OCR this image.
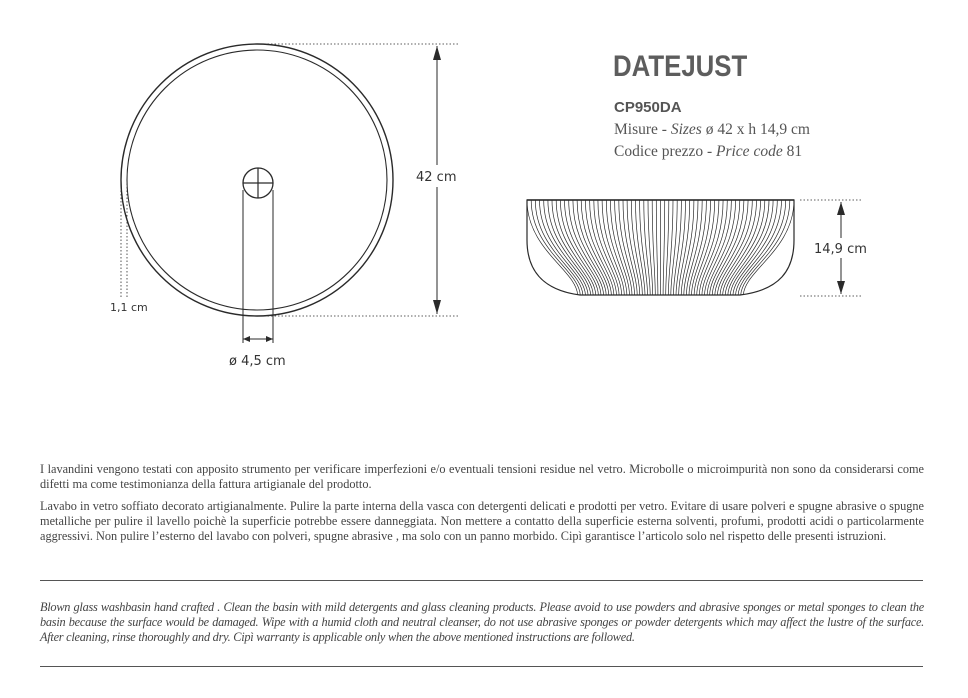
42 cm
1,1 cm
ø 4,5 cm
14,9 cm
DATEJUST
CP950DA
Misure - Sizes ø 42 x h 14,9 cm
Codice prezzo - Price code 81

I lavandini vengono testati con apposito strumento per verificare imperfezioni e/o eventuali tensioni residue nel vetro. Microbolle o microimpurità non sono da considerarsi come difetti ma come testimonianza della fattura artigianale del prodotto.

Lavabo in vetro soffiato decorato artigianalmente. Pulire la parte interna della vasca con detergenti delicati e prodotti per vetro. Evitare di usare polveri e spugne abrasive o spugne metalliche per pulire il lavello poichè la superficie potrebbe essere danneggiata. Non mettere a contatto della superficie esterna solventi, profumi, prodotti acidi o particolarmente aggressivi. Non pulire l’esterno del lavabo con polveri, spugne abrasive , ma solo con un panno morbido. Cipì garantisce l’articolo solo nel rispetto delle presenti istruzioni.

Blown glass washbasin hand crafted . Clean the basin with mild detergents and glass cleaning products. Please avoid to use powders and abrasive sponges or metal sponges to clean the basin because the surface would be damaged. Wipe with a humid cloth and neutral cleanser, do not use abrasive sponges or powder detergents which may affect the lustre of the surface. After cleaning, rinse thoroughly and dry. Cipì warranty is applicable only when the above mentioned instructions are followed.
